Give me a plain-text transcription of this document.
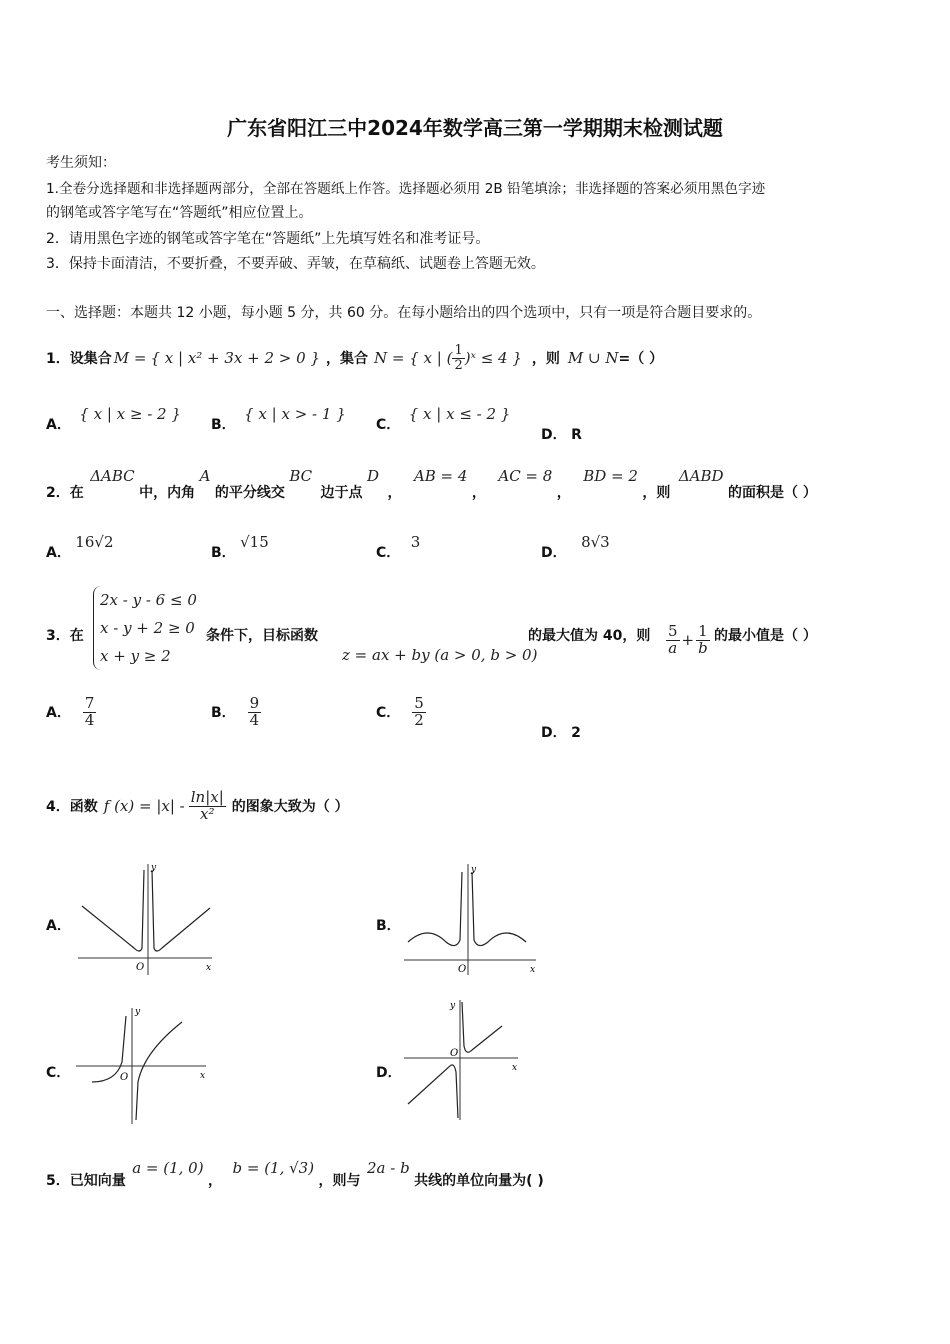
广东省阳江三中2024年数学高三第一学期期末检测试题
考生须知：
1.全卷分选择题和非选择题两部分，全部在答题纸上作答。选择题必须用 2B 铅笔填涂；非选择题的答案必须用黑色字迹
的钢笔或答字笔写在“答题纸”相应位置上。
2．请用黑色字迹的钢笔或答字笔在“答题纸”上先填写姓名和准考证号。
3．保持卡面清洁，不要折叠，不要弄破、弄皱，在草稿纸、试题卷上答题无效。
一、选择题：本题共 12 小题，每小题 5 分，共 60 分。在每小题给出的四个选项中，只有一项是符合题目要求的。
1．设集合 M = { x | x² + 3x + 2 > 0 } ，集合 N = { x | ( $\frac{1}{2}$ )ˣ ≤ 4 } ，则 M ∪ N =（ ）
A． { x | x ≥ - 2 }
B． { x | x > - 1 }
C． { x | x ≤ - 2 }
D． R
2．在 ΔABC 中，内角 A 的平分线交 BC 边于点 D ， AB = 4 ， AC = 8 ， BD = 2 ，则 ΔABD 的面积是（ ）
A． 16√2
B． √15
C． 3
D． 8√3
3．在
2x - y - 6 ≤ 0
x - y + 2 ≥ 0
x + y ≥ 2
条件下，目标函数
z = ax + by (a > 0, b > 0)
的最大值为 40，则 $\frac{5}{a} + \frac{1}{b}$ 的最小值是（ ）
A． $\frac{7}{4}$	B． $\frac{9}{4}$	C． $\frac{5}{2}$
D． 2
4．函数 f $(x) = |x| - \frac{\ln|x|}{\text{x²}}$ 的图象大致为（ ）
A．
y
x
O
B．
y
x
O
C．
y
x
O	D．
y
x
O
5．已知向量 a = (1, 0) ， b = (1, √3) ，则与 2a - b 共线的单位向量为( )
